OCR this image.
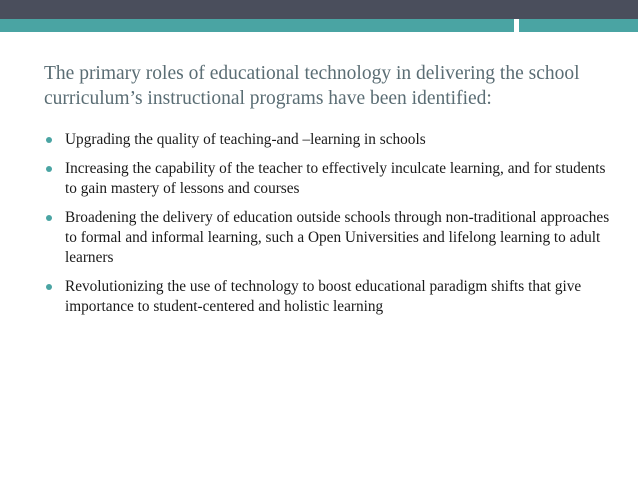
The primary roles of educational technology in delivering the school curriculum’s instructional programs have been identified:
Upgrading the quality of teaching-and –learning in schools
Increasing the capability of the teacher to effectively inculcate learning, and for students to gain mastery of lessons and courses
Broadening the delivery of education outside schools through non-traditional approaches to formal and informal learning, such a Open Universities and lifelong learning to adult learners
Revolutionizing the use of technology to boost educational paradigm shifts that give importance to student-centered and holistic learning
